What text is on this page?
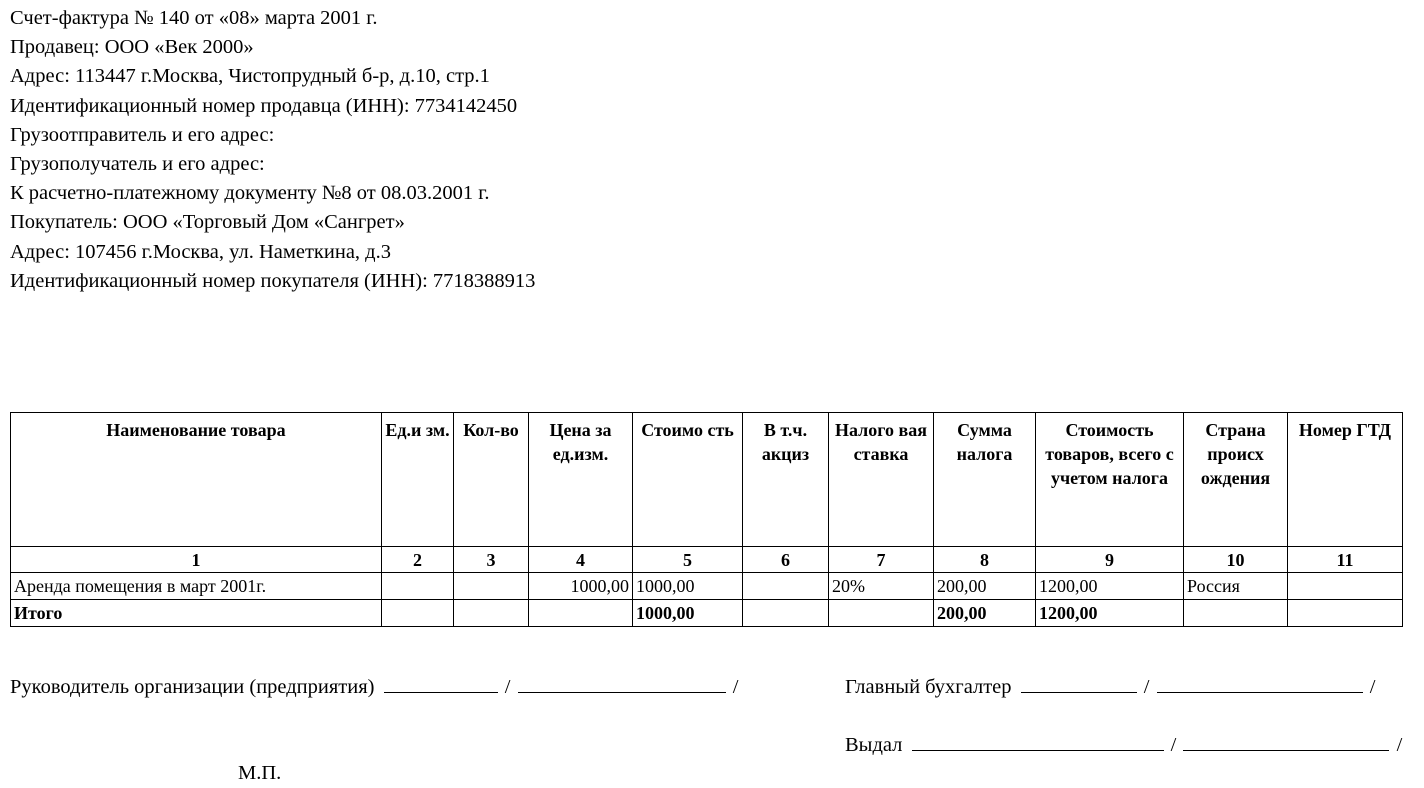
Счет-фактура № 140 от «08» марта 2001 г.
Продавец: ООО «Век 2000»
Адрес: 113447 г.Москва, Чистопрудный б-р, д.10, стр.1
Идентификационный номер продавца (ИНН): 7734142450
Грузоотправитель и его адрес:
Грузополучатель и его адрес:
К расчетно-платежному документу №8 от 08.03.2001 г.
Покупатель: ООО «Торговый Дом «Сангрет»
Адрес: 107456 г.Москва, ул. Наметкина, д.3
Идентификационный номер покупателя (ИНН): 7718388913
Наименование товара	Ед.и зм.	Кол-во	Цена за ед.изм.	Стоимо сть	В т.ч. акциз	Налого вая ставка	Сумма налога	Стоимость товаров, всего с учетом налога	Страна происх ождения	Номер ГТД
1	2	3	4	5	6	7	8	9	10	11
Аренда помещения в март 2001г.			1000,00	1000,00		20%	200,00	1200,00	Россия	
Итого				1000,00			200,00	1200,00		
Руководитель организации (предприятия)	/	/	Главный бухгалтер	/	/
Выдал	/	/
М.П.
